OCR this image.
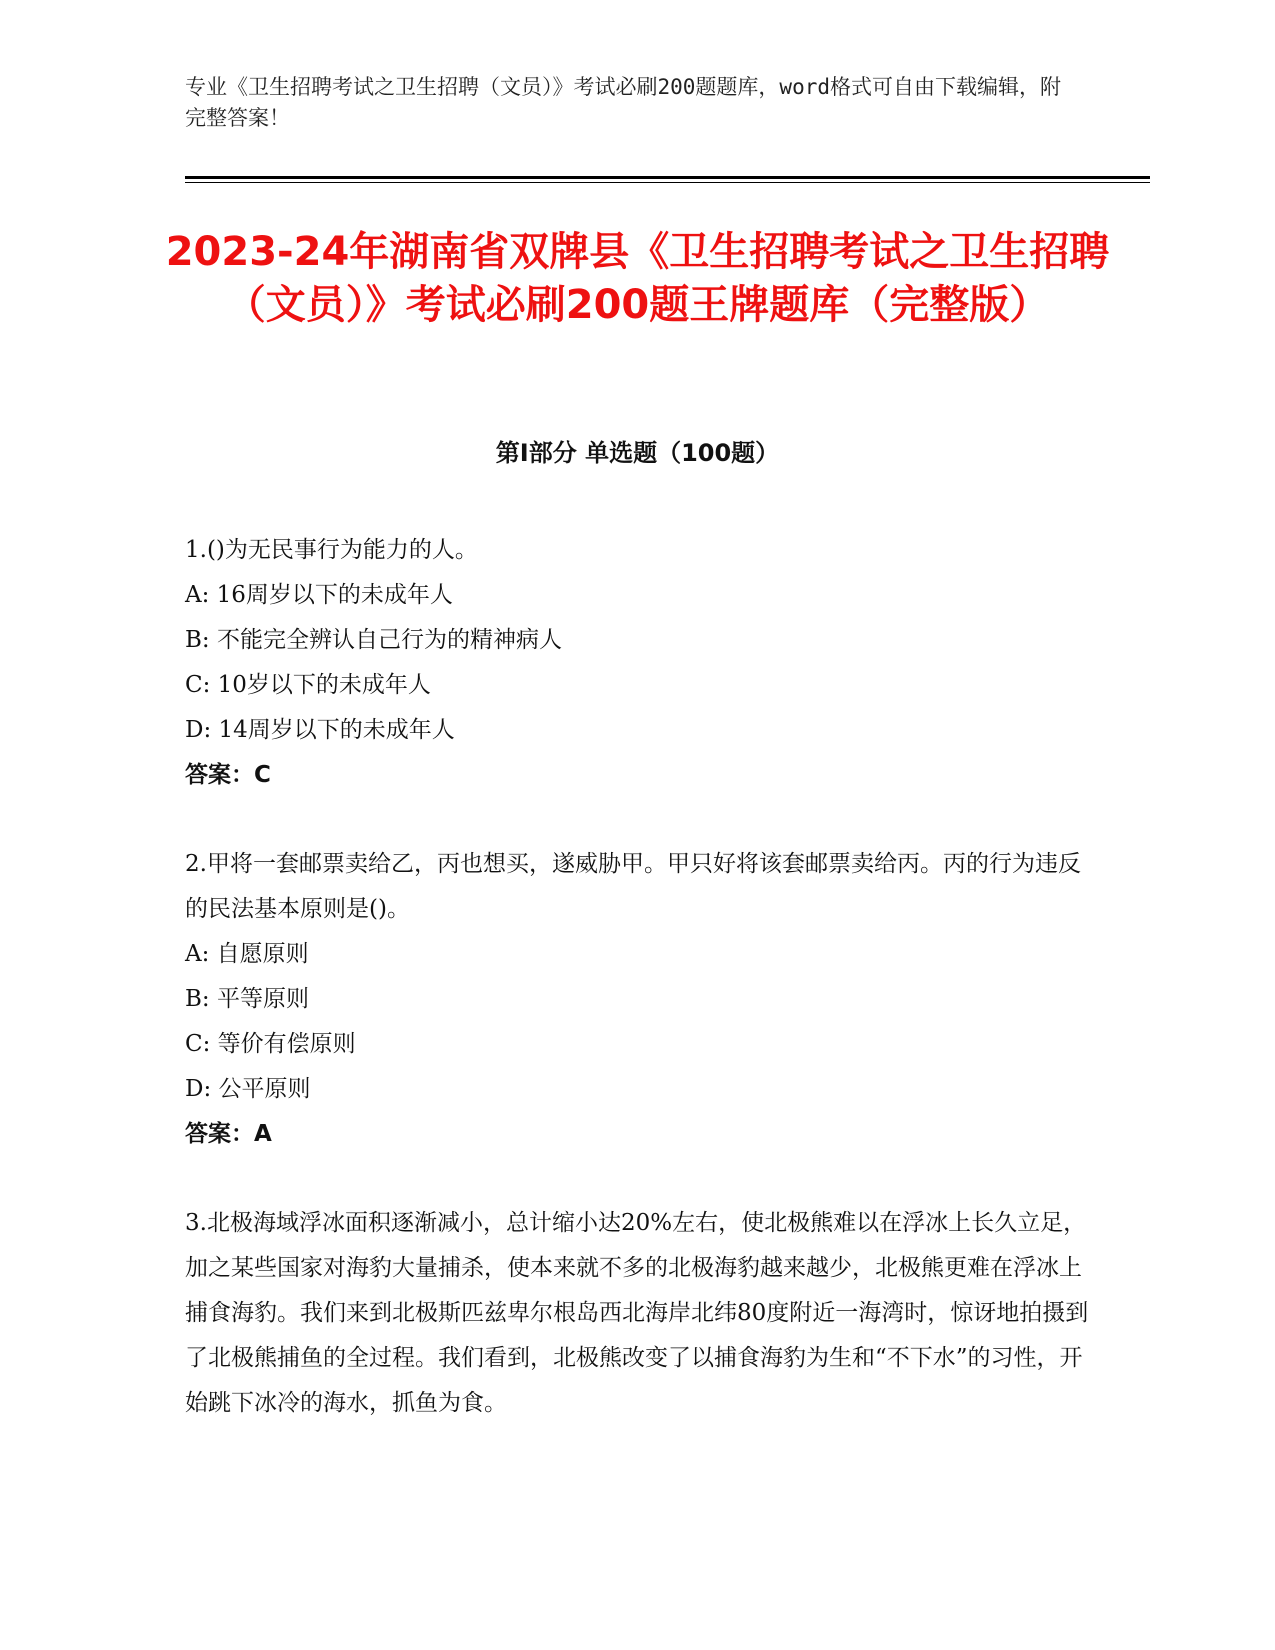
专业《卫生招聘考试之卫生招聘（文员）》考试必刷200题题库，word格式可自由下载编辑，附完整答案！
2023-24年湖南省双牌县《卫生招聘考试之卫生招聘（文员）》考试必刷200题王牌题库（完整版）
第I部分 单选题（100题）

1.()为无民事行为能力的人。

A: 16周岁以下的未成年人

B: 不能完全辨认自己行为的精神病人

C: 10岁以下的未成年人

D: 14周岁以下的未成年人

答案：C

2.甲将一套邮票卖给乙，丙也想买，遂威胁甲。甲只好将该套邮票卖给丙。丙的行为违反的民法基本原则是()。

A: 自愿原则

B: 平等原则

C: 等价有偿原则

D: 公平原则

答案：A

3.北极海域浮冰面积逐渐减小，总计缩小达20%左右，使北极熊难以在浮冰上长久立足，加之某些国家对海豹大量捕杀，使本来就不多的北极海豹越来越少，北极熊更难在浮冰上捕食海豹。我们来到北极斯匹兹卑尔根岛西北海岸北纬80度附近一海湾时，惊讶地拍摄到了北极熊捕鱼的全过程。我们看到，北极熊改变了以捕食海豹为生和“不下水”的习性，开始跳下冰冷的海水，抓鱼为食。
